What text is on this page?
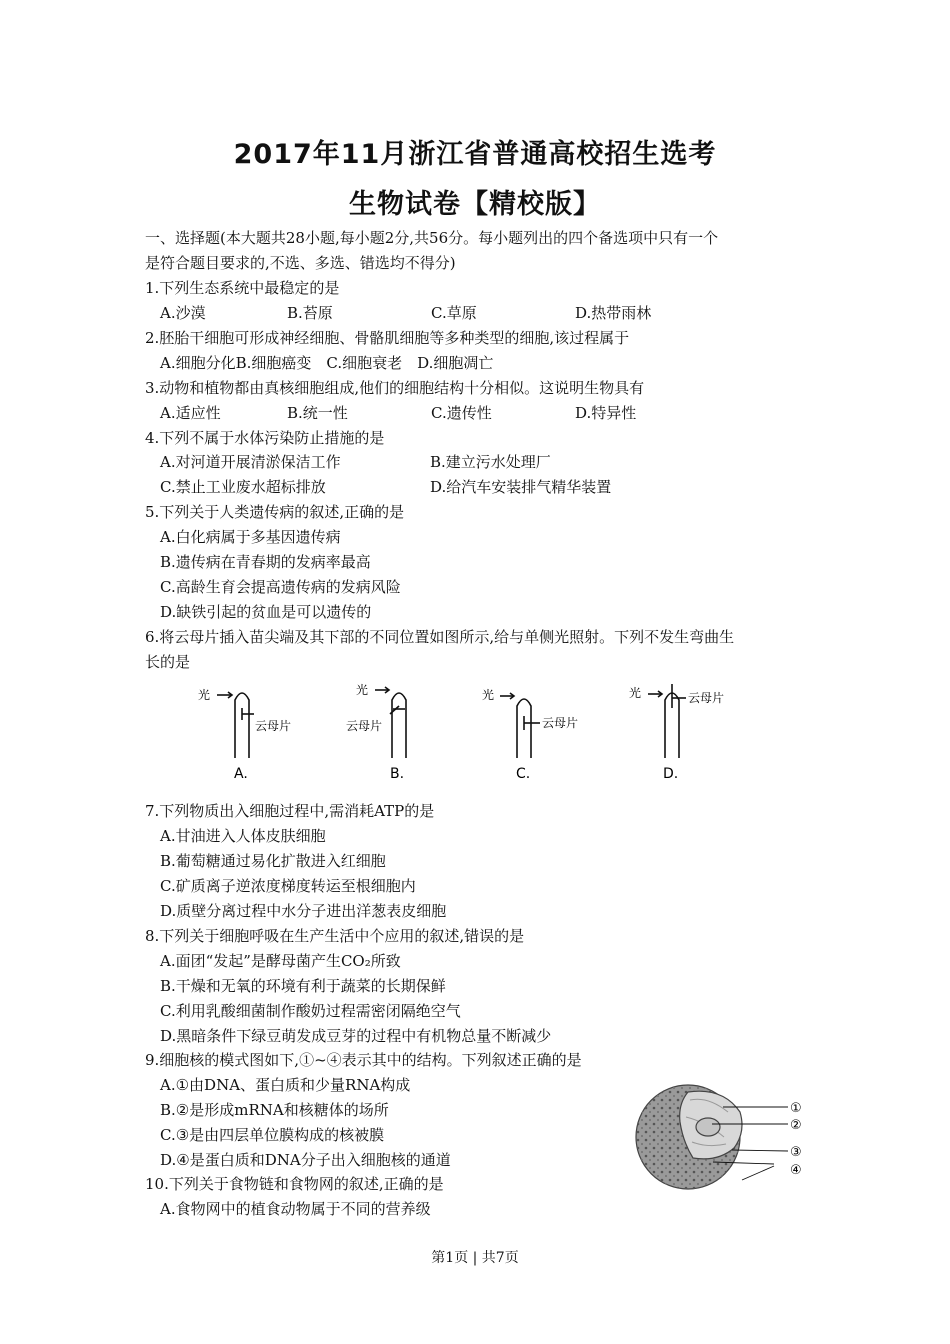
2017年11月浙江省普通高校招生选考
生物试卷【精校版】
一、选择题(本大题共28小题,每小题2分,共56分。每小题列出的四个备选项中只有一个
是符合题目要求的,不选、多选、错选均不得分)
1.下列生态系统中最稳定的是
A.沙漠	B.苔原	C.草原	D.热带雨林
2.胚胎干细胞可形成神经细胞、骨骼肌细胞等多种类型的细胞,该过程属于
A.细胞分化B.细胞癌变　C.细胞衰老　D.细胞凋亡
3.动物和植物都由真核细胞组成,他们的细胞结构十分相似。这说明生物具有
A.适应性	B.统一性	C.遗传性	D.特异性
4.下列不属于水体污染防止措施的是
A.对河道开展清淤保洁工作	B.建立污水处理厂
C.禁止工业废水超标排放	D.给汽车安装排气精华装置
5.下列关于人类遗传病的叙述,正确的是
A.白化病属于多基因遗传病
B.遗传病在青春期的发病率最高
C.高龄生育会提高遗传病的发病风险
D.缺铁引起的贫血是可以遗传的
6.将云母片插入苗尖端及其下部的不同位置如图所示,给与单侧光照射。下列不发生弯曲生
长的是
光
云母片
A.
光
云母片
B.
光
云母片
C.
光	云母片
D.
7.下列物质出入细胞过程中,需消耗ATP的是
A.甘油进入人体皮肤细胞
B.葡萄糖通过易化扩散进入红细胞
C.矿质离子逆浓度梯度转运至根细胞内
D.质壁分离过程中水分子进出洋葱表皮细胞
8.下列关于细胞呼吸在生产生活中个应用的叙述,错误的是
A.面团“发起”是酵母菌产生CO₂所致
B.干燥和无氧的环境有利于蔬菜的长期保鲜
C.利用乳酸细菌制作酸奶过程需密闭隔绝空气
D.黑暗条件下绿豆萌发成豆芽的过程中有机物总量不断减少
9.细胞核的模式图如下,①~④表示其中的结构。下列叙述正确的是
A.①由DNA、蛋白质和少量RNA构成
B.②是形成mRNA和核糖体的场所
C.③是由四层单位膜构成的核被膜
D.④是蛋白质和DNA分子出入细胞核的通道
①
②
③
④
10.下列关于食物链和食物网的叙述,正确的是
A.食物网中的植食动物属于不同的营养级
第1页 | 共7页
